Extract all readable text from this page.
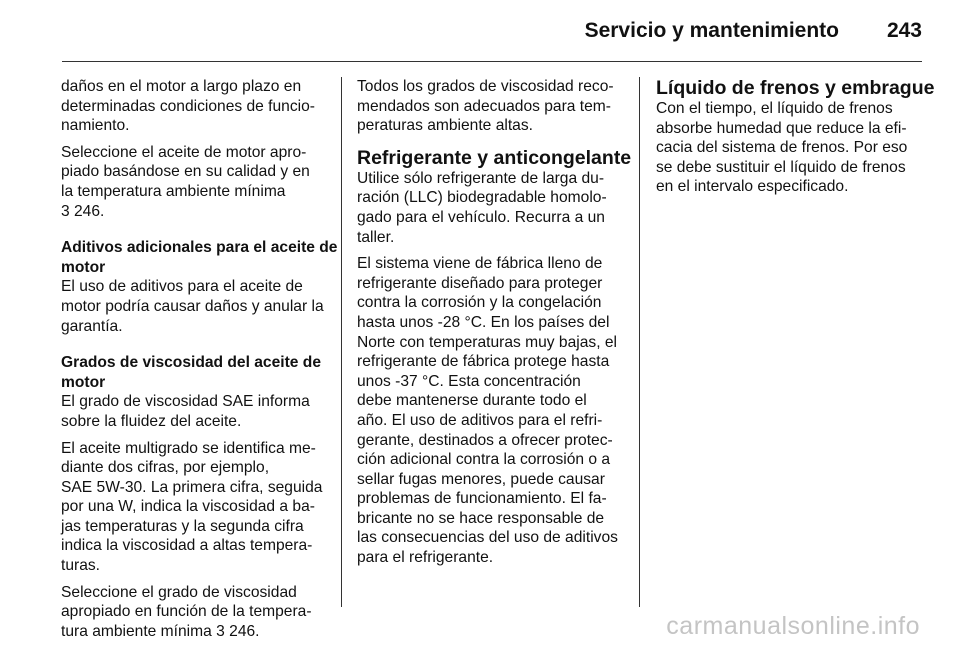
Servicio y mantenimiento 243
daños en el motor a largo plazo en
determinadas condiciones de funcio-
namiento.
Seleccione el aceite de motor apro-
piado basándose en su calidad y en
la temperatura ambiente mínima
3 246.
Aditivos adicionales para el aceite de
motor
El uso de aditivos para el aceite de
motor podría causar daños y anular la
garantía.
Grados de viscosidad del aceite de
motor
El grado de viscosidad SAE informa
sobre la fluidez del aceite.
El aceite multigrado se identifica me-
diante dos cifras, por ejemplo,
SAE 5W-30. La primera cifra, seguida
por una W, indica la viscosidad a ba-
jas temperaturas y la segunda cifra
indica la viscosidad a altas tempera-
turas.
Seleccione el grado de viscosidad
apropiado en función de la tempera-
tura ambiente mínima 3 246.
Todos los grados de viscosidad reco-
mendados son adecuados para tem-
peraturas ambiente altas.
Refrigerante y anticongelante
Utilice sólo refrigerante de larga du-
ración (LLC) biodegradable homolo-
gado para el vehículo. Recurra a un
taller.
El sistema viene de fábrica lleno de
refrigerante diseñado para proteger
contra la corrosión y la congelación
hasta unos -28 °C. En los países del
Norte con temperaturas muy bajas, el
refrigerante de fábrica protege hasta
unos -37 °C. Esta concentración
debe mantenerse durante todo el
año. El uso de aditivos para el refri-
gerante, destinados a ofrecer protec-
ción adicional contra la corrosión o a
sellar fugas menores, puede causar
problemas de funcionamiento. El fa-
bricante no se hace responsable de
las consecuencias del uso de aditivos
para el refrigerante.
Líquido de frenos y embrague
Con el tiempo, el líquido de frenos
absorbe humedad que reduce la efi-
cacia del sistema de frenos. Por eso
se debe sustituir el líquido de frenos
en el intervalo especificado.
carmanualsonline.info
